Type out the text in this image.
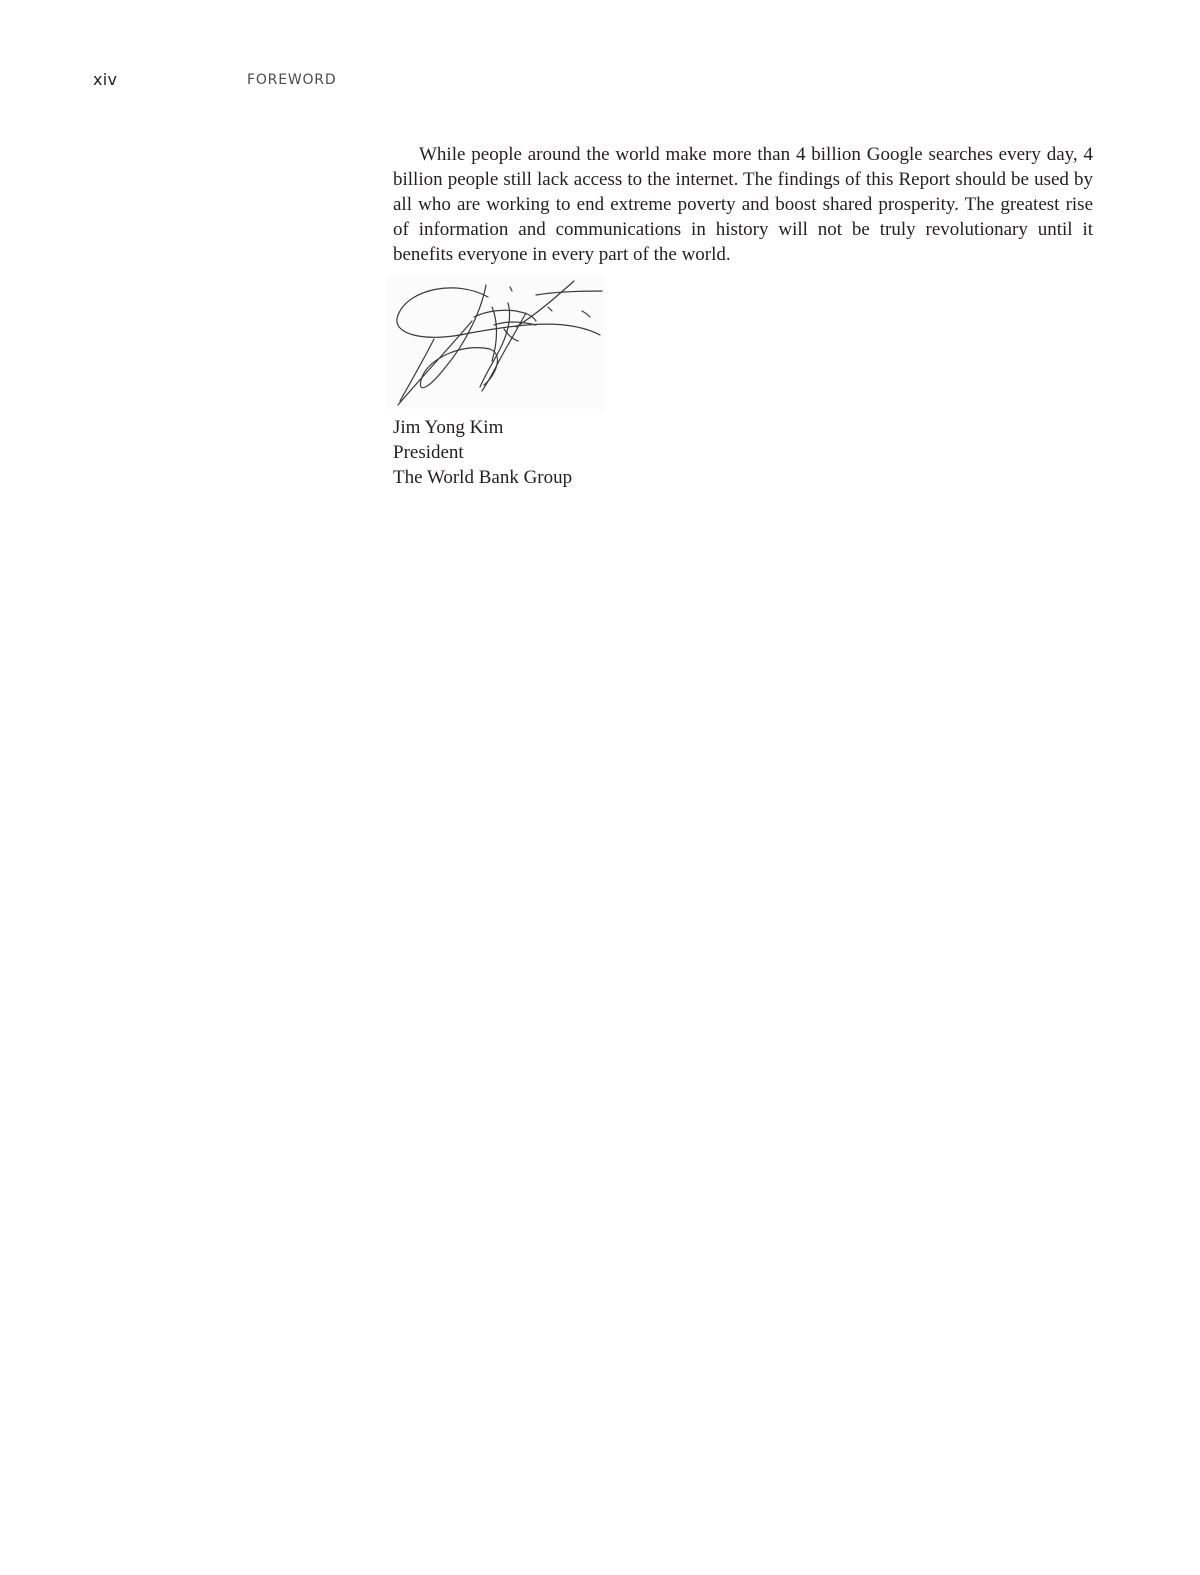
xiv	FOREWORD

While people around the world make more than 4 billion Google searches every day, 4 billion people still lack access to the internet. The findings of this Report should be used by all who are working to end extreme poverty and boost shared prosperity. The greatest rise of information and communications in history will not be truly revolutionary until it benefits everyone in every part of the world.

Jim Yong Kim
President
The World Bank Group
